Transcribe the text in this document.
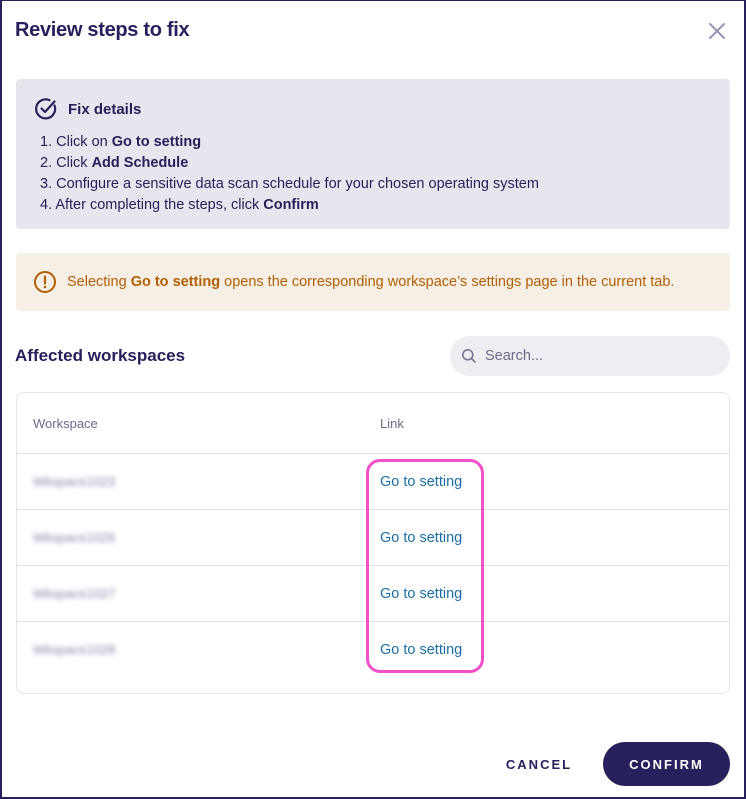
Review steps to fix
Fix details
1. Click on Go to setting
2. Click Add Schedule
3. Configure a sensitive data scan schedule for your chosen operating system
4. After completing the steps, click Confirm
Selecting Go to setting opens the corresponding workspace’s settings page in the current tab.
Affected workspaces
Search...
Workspace	Link
Wkspace1023	Go to setting
Wkspace1026	Go to setting
Wkspace1027	Go to setting
Wkspace1028	Go to setting
CANCEL	CONFIRM
